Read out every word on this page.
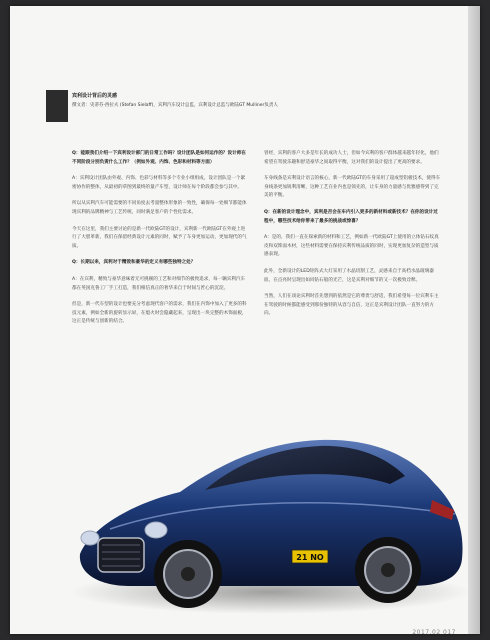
宾利设计背后的灵感
撰文者：史蒂芬·西拉夫 (Stefan Sielaff)，宾利汽车设计总监，宾利设计总监与欧陆GT Mulliner负责人

Q：能跟我们介绍一下宾利设计部门的日常工作吗？设计团队是如何运作的？设计师在不同阶段分别负责什么工作？（例如外观、内饰、色彩和材料等方面）

A：宾利设计团队由外观、内饰、色彩与材料等多个专业小组组成，设计团队是一个紧密协作的整体，从最初的草图到最终的量产车型，设计师在每个阶段都会参与其中。

所以从宾利汽车可能需要的不同角度去考量整体形象的一致性，确保每一处细节都能体现宾利的品牌精神与工艺传统，同时满足客户的个性化需求。

今天在这里，我们主要讨论的是新一代欧陆GT的设计，宾利新一代欧陆GT在外观上进行了大胆革新，我们在保留经典设计元素的同时，赋予了车身更加运动、更加现代的气质。

Q：长期以来，宾利对于精致和豪华的定义有哪些独特之处？

A：在宾利，精致与豪华意味着无可挑剔的工艺和对细节的极致追求，每一辆宾利汽车都在英国克鲁工厂手工打造，我们相信真正的奢华来自于时间与匠心的沉淀。

但是，新一代车型的设计也要充分考虑现代客户的需求，我们在内饰中加入了更多的科技元素，例如全新的旋转显示屏，在熄火时会隐藏起来，呈现出一块完整的木饰面板，这正是传统与创新的结合。

曾经，宾利的客户大多是年长的成功人士，但如今宾利的客户群体越来越年轻化，他们希望在驾驶乐趣和舒适豪华之间取得平衡，这对我们的设计提出了更高的要求。

车身线条是宾利设计语言的核心，新一代欧陆GT的车身采用了超成型铝板技术，使得车身线条更加锐利清晰，这种工艺在业内也是领先的，让车身的力量感与优雅感得到了完美的平衡。

Q：在新的设计理念中，宾利是否会在车内引入更多的新材料或新技术？在你的设计过程中，哪些技术给你带来了最多的挑战或惊喜？

A：是的，我们一直在探索新的材料和工艺，例如新一代欧陆GT上使用的立体钻石纹真皮和双饰面木材，这些材料需要在保持宾利传统品质的同时，实现更加复杂的造型与质感表现。

此外，全新设计的LED矩阵式大灯采用了水晶切割工艺，灵感来自于高档水晶玻璃器皿，在点亮时呈现出如同钻石般的光芒，这是宾利对细节的又一次极致诠释。

当然，人们在谈论宾利时首先想到的依然是它的尊贵与舒适，我们希望每一位宾利车主在驾驶的时候都能感受到那份独特的从容与自信，这正是宾利设计团队一直努力的方向。

21 NO
2017.02 017
